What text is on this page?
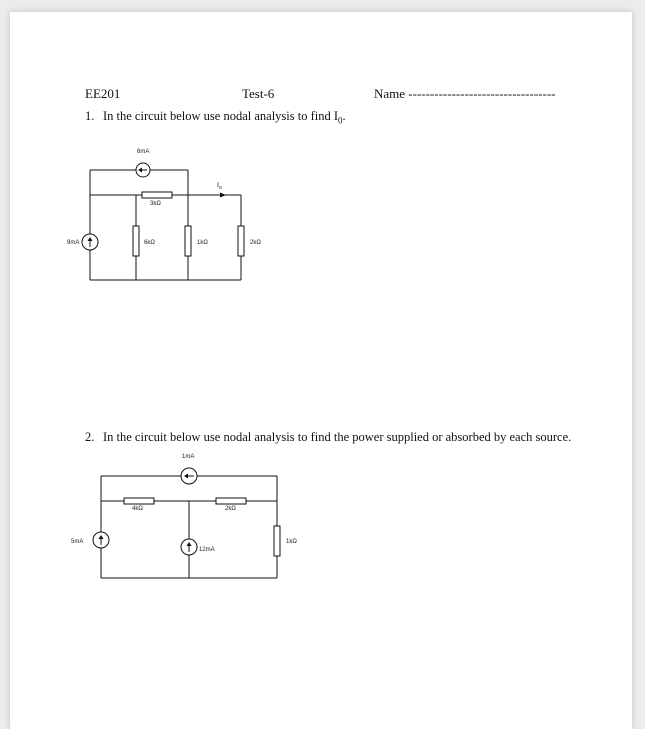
EE201	Test-6	Name ----------------------------------
1. In the circuit below use nodal analysis to find $I_0$.
6mA
3kΩ
$I_o$
9mA	6kΩ	1kΩ	2kΩ
2. In the circuit below use nodal analysis to find the power supplied or absorbed by each source.
1mA
4kΩ	2kΩ
5mA
12mA
1kΩ
